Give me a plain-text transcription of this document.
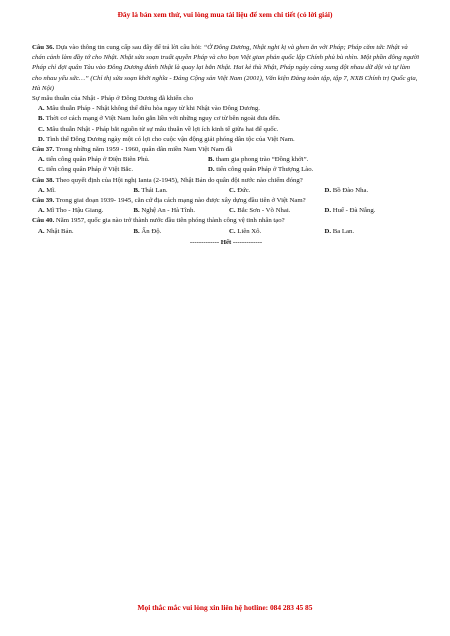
Đây là bản xem thử, vui lòng mua tài liệu để xem chi tiết (có lời giải)

Câu 36. Dựa vào thông tin cung cấp sau đây để trả lời câu hỏi: “Ở Đông Dương, Nhật nghi kị và ghen ăn với Pháp; Pháp căm tức Nhật và chán cảnh làm đầy tớ cho Nhật. Nhật sửa soạn truất quyền Pháp và cho bọn Việt gian phản quốc lập Chính phủ bù nhìn. Một phần đông người Pháp chỉ đợi quân Tàu vào Đông Dương đánh Nhật là quay lại bắn Nhật. Hai kẻ thù Nhật, Pháp ngày càng xung đột nhau dữ dội và tự làm cho nhau yếu sức…” (Chỉ thị sửa soạn khởi nghĩa - Đảng Cộng sản Việt Nam (2001), Văn kiện Đảng toàn tập, tập 7, NXB Chính trị Quốc gia, Hà Nội)

Sự mâu thuẫn của Nhật - Pháp ở Đông Dương đã khiến cho

A. Mâu thuẫn Pháp - Nhật không thể điều hòa ngay từ khi Nhật vào Đông Dương.
B. Thời cơ cách mạng ở Việt Nam luôn gắn liền với những nguy cơ từ bên ngoài đưa đến.
C. Mâu thuẫn Nhật - Pháp bắt nguồn từ sự mâu thuẫn về lợi ích kinh tế giữa hai đế quốc.
D. Tình thế Đông Dương ngày một có lợi cho cuộc vận động giải phóng dân tộc của Việt Nam.

Câu 37. Trong những năm 1959 - 1960, quân dân miền Nam Việt Nam đã

A. tiến công quân Pháp ở Điện Biên Phủ.	B. tham gia phong trào “Đồng khởi”.
C. tiến công quân Pháp ở Việt Bắc.	D. tiến công quân Pháp ở Thượng Lào.

Câu 38. Theo quyết định của Hội nghị Ianta (2-1945), Nhật Bản do quân đội nước nào chiếm đóng?

A. Mĩ.	B. Thái Lan.	C. Đức.	D. Bồ Đào Nha.

Câu 39. Trong giai đoạn 1939- 1945, căn cứ địa cách mạng nào được xây dựng đầu tiên ở Việt Nam?

A. Mĩ Tho - Hậu Giang.	B. Nghệ An - Hà Tĩnh.	C. Bắc Sơn - Võ Nhai.	D. Huế - Đà Nẵng.

Câu 40. Năm 1957, quốc gia nào trở thành nước đầu tiên phóng thành công vệ tinh nhân tạo?

A. Nhật Bản.	B. Ấn Độ.	C. Liên Xô.	D. Ba Lan.
------------- Hết -------------
Mọi thắc mắc vui lòng xin liên hệ hotline: 084 283 45 85
